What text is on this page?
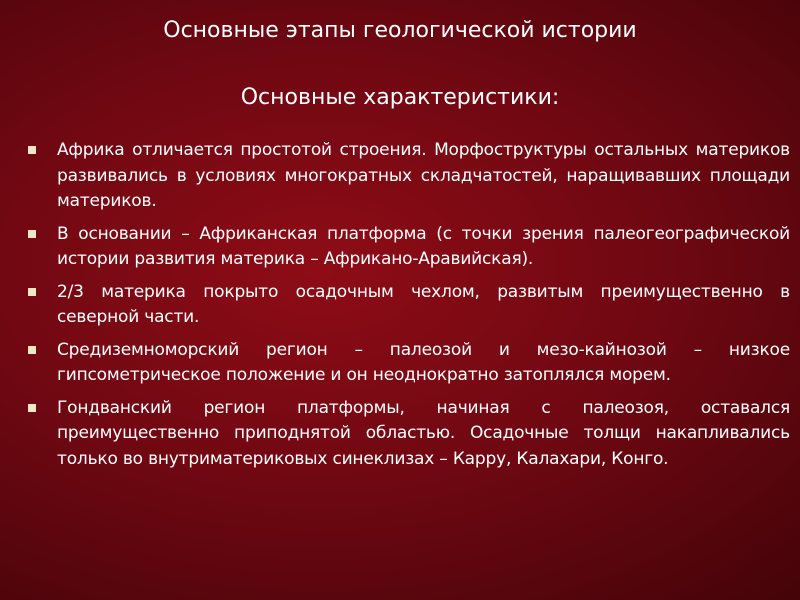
Основные этапы геологической истории
Основные характеристики:
Африка отличается простотой строения. Морфоструктуры остальных материков развивались в условиях многократных складчатостей, наращивавших площади материков.
В основании – Африканская платформа (с точки зрения палеогеографической истории развития материка – Африкано-Аравийская).
2/3 материка покрыто осадочным чехлом, развитым преимущественно в северной части.
Средиземноморский регион – палеозой и мезо-кайнозой – низкое гипсометрическое положение и он неоднократно затоплялся морем.
Гондванский регион платформы, начиная с палеозоя, оставался преимущественно приподнятой областью. Осадочные толщи накапливались только во внутриматериковых синеклизах – Карру, Калахари, Конго.
